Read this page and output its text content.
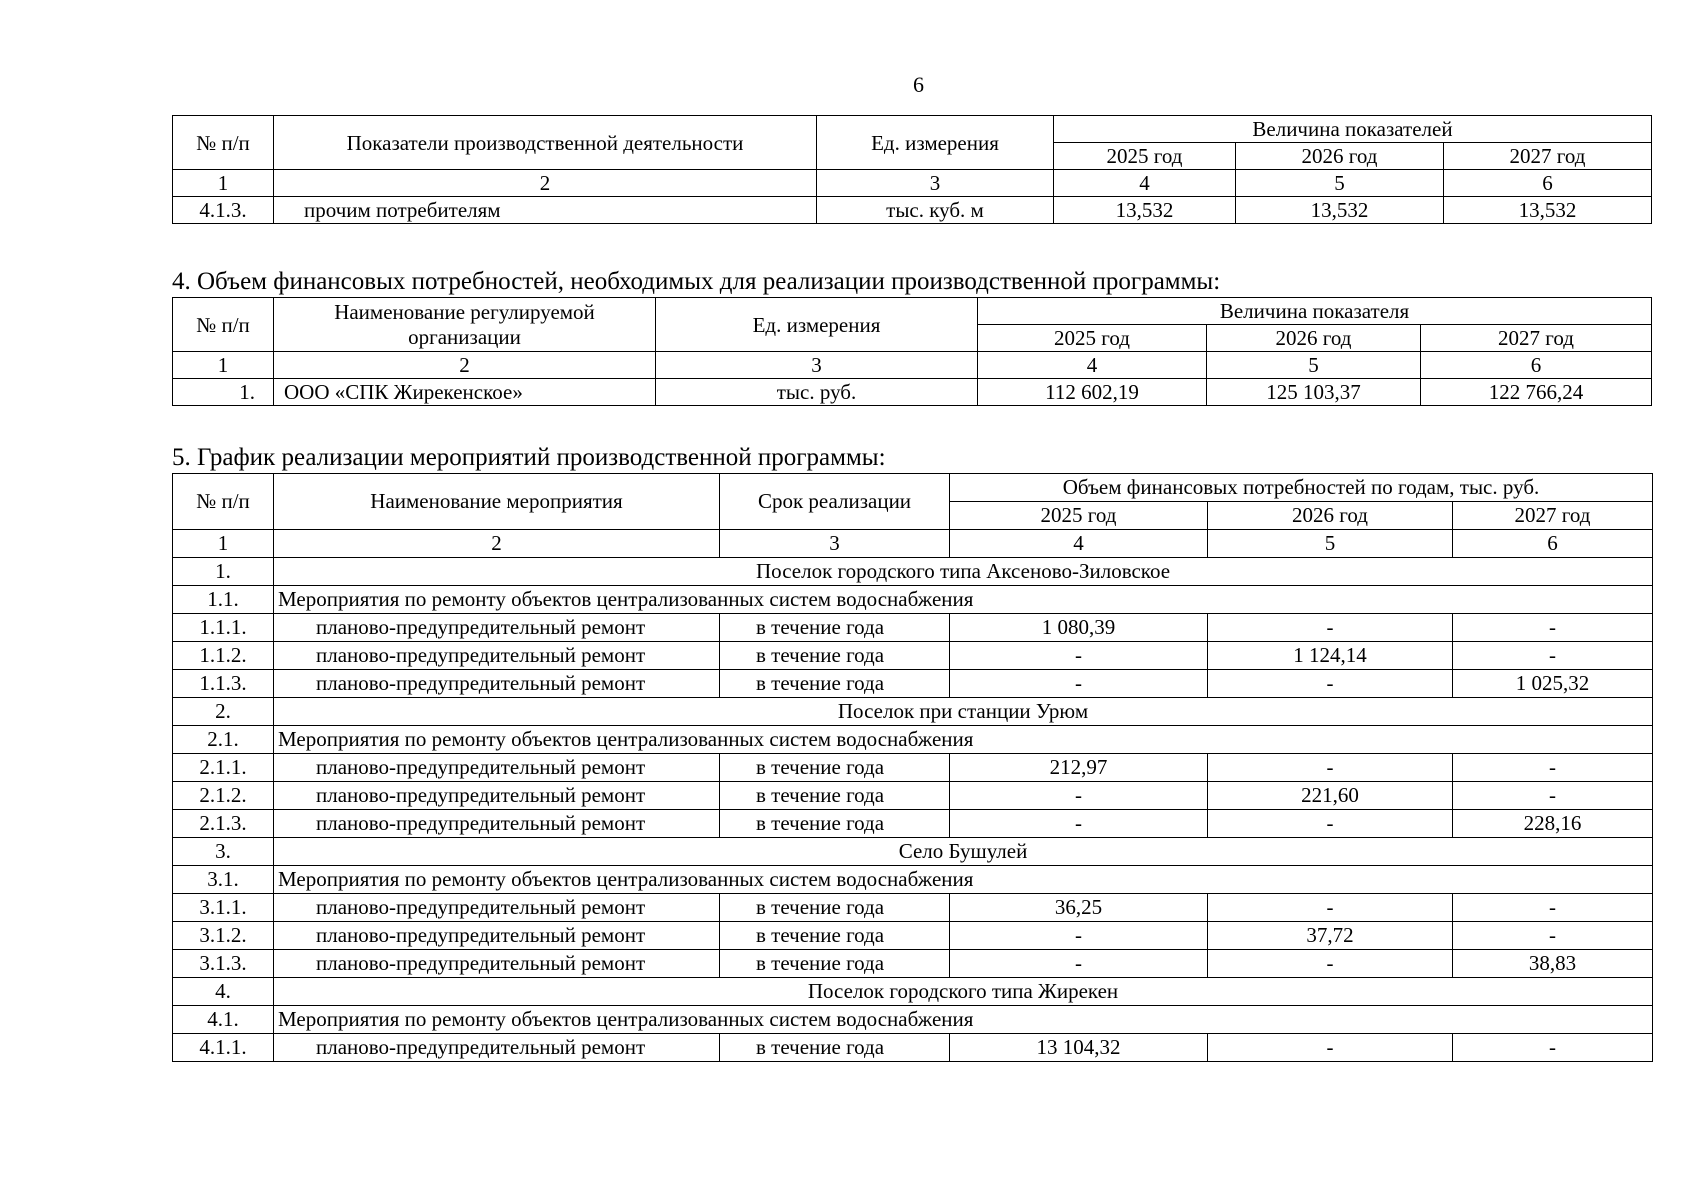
6
№ п/п	Показатели производственной деятельности	Ед. измерения	Величина показателей		
			2025 год	2026 год	2027 год
1	2	3	4	5	6
4.1.3.	прочим потребителям	тыс. куб. м	13,532	13,532	13,532
4. Объем финансовых потребностей, необходимых для реализации производственной программы:
№ п/п	Наименование регулируемой организации	Ед. измерения	Величина показателя		
			2025 год	2026 год	2027 год
1	2	3	4	5	6
1.	ООО «СПК Жирекенское»	тыс. руб.	112 602,19	125 103,37	122 766,24
5. График реализации мероприятий производственной программы:
№ п/п	Наименование мероприятия	Срок реализации	Объем финансовых потребностей по годам, тыс. руб.		
			2025 год	2026 год	2027 год
1	2	3	4	5	6
1.	Поселок городского типа Аксеново-Зиловское				
1.1.	Мероприятия по ремонту объектов централизованных систем водоснабжения				
1.1.1.	планово-предупредительный ремонт	в течение года	1 080,39	-	-
1.1.2.	планово-предупредительный ремонт	в течение года	-	1 124,14	-
1.1.3.	планово-предупредительный ремонт	в течение года	-	-	1 025,32
2.	Поселок при станции Урюм				
2.1.	Мероприятия по ремонту объектов централизованных систем водоснабжения				
2.1.1.	планово-предупредительный ремонт	в течение года	212,97	-	-
2.1.2.	планово-предупредительный ремонт	в течение года	-	221,60	-
2.1.3.	планово-предупредительный ремонт	в течение года	-	-	228,16
3.	Село Бушулей				
3.1.	Мероприятия по ремонту объектов централизованных систем водоснабжения				
3.1.1.	планово-предупредительный ремонт	в течение года	36,25	-	-
3.1.2.	планово-предупредительный ремонт	в течение года	-	37,72	-
3.1.3.	планово-предупредительный ремонт	в течение года	-	-	38,83
4.	Поселок городского типа Жирекен				
4.1.	Мероприятия по ремонту объектов централизованных систем водоснабжения				
4.1.1.	планово-предупредительный ремонт	в течение года	13 104,32	-	-
